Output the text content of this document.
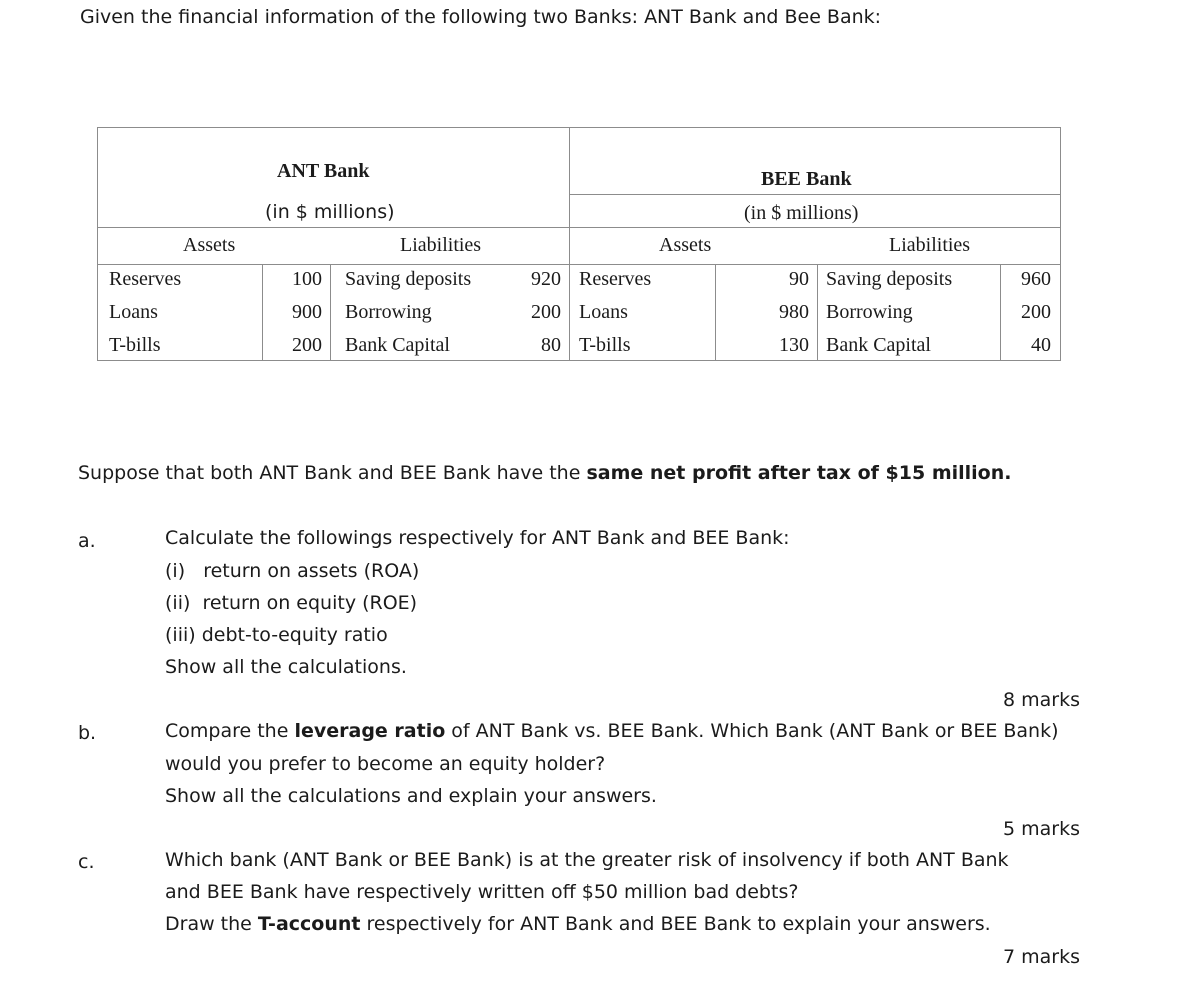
Given the financial information of the following two Banks: ANT Bank and Bee Bank:
ANT Bank
(in $ millions)
Assets	Liabilities
BEE Bank
(in $ millions)
Assets	Liabilities
Reserves	100 Saving deposits	920 Reserves	90 Saving deposits	960
Loans	900 Borrowing	200 Loans	980 Borrowing	200
T-bills	200 Bank Capital	80 T-bills	130 Bank Capital	40
Suppose that both ANT Bank and BEE Bank have the same net profit after tax of $15 million.
a.	Calculate the followings respectively for ANT Bank and BEE Bank:
(i)   return on assets (ROA)
(ii)  return on equity (ROE)
(iii) debt-to-equity ratio
Show all the calculations.
8 marks
b.	Compare the leverage ratio of ANT Bank vs. BEE Bank. Which Bank (ANT Bank or BEE Bank)
would you prefer to become an equity holder?
Show all the calculations and explain your answers.
5 marks
c.	Which bank (ANT Bank or BEE Bank) is at the greater risk of insolvency if both ANT Bank
and BEE Bank have respectively written off $50 million bad debts?
Draw the T-account respectively for ANT Bank and BEE Bank to explain your answers.
7 marks
